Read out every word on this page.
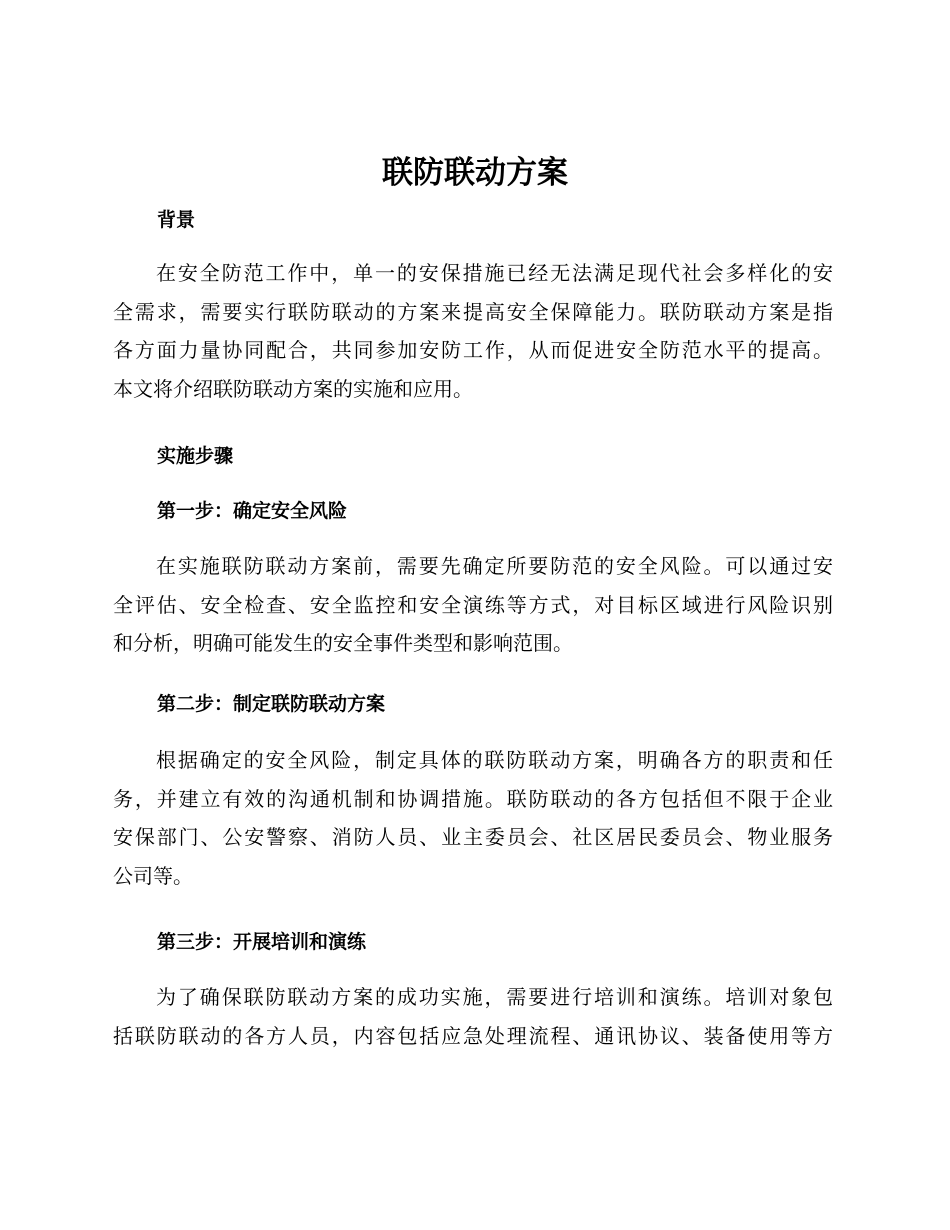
联防联动方案
背景
在安全防范工作中，单一的安保措施已经无法满足现代社会多样化的安
全需求，需要实行联防联动的方案来提高安全保障能力。联防联动方案是指
各方面力量协同配合，共同参加安防工作，从而促进安全防范水平的提高。
本文将介绍联防联动方案的实施和应用。
实施步骤
第一步：确定安全风险
在实施联防联动方案前，需要先确定所要防范的安全风险。可以通过安
全评估、安全检查、安全监控和安全演练等方式，对目标区域进行风险识别
和分析，明确可能发生的安全事件类型和影响范围。
第二步：制定联防联动方案
根据确定的安全风险，制定具体的联防联动方案，明确各方的职责和任
务，并建立有效的沟通机制和协调措施。联防联动的各方包括但不限于企业
安保部门、公安警察、消防人员、业主委员会、社区居民委员会、物业服务
公司等。
第三步：开展培训和演练
为了确保联防联动方案的成功实施，需要进行培训和演练。培训对象包
括联防联动的各方人员，内容包括应急处理流程、通讯协议、装备使用等方
